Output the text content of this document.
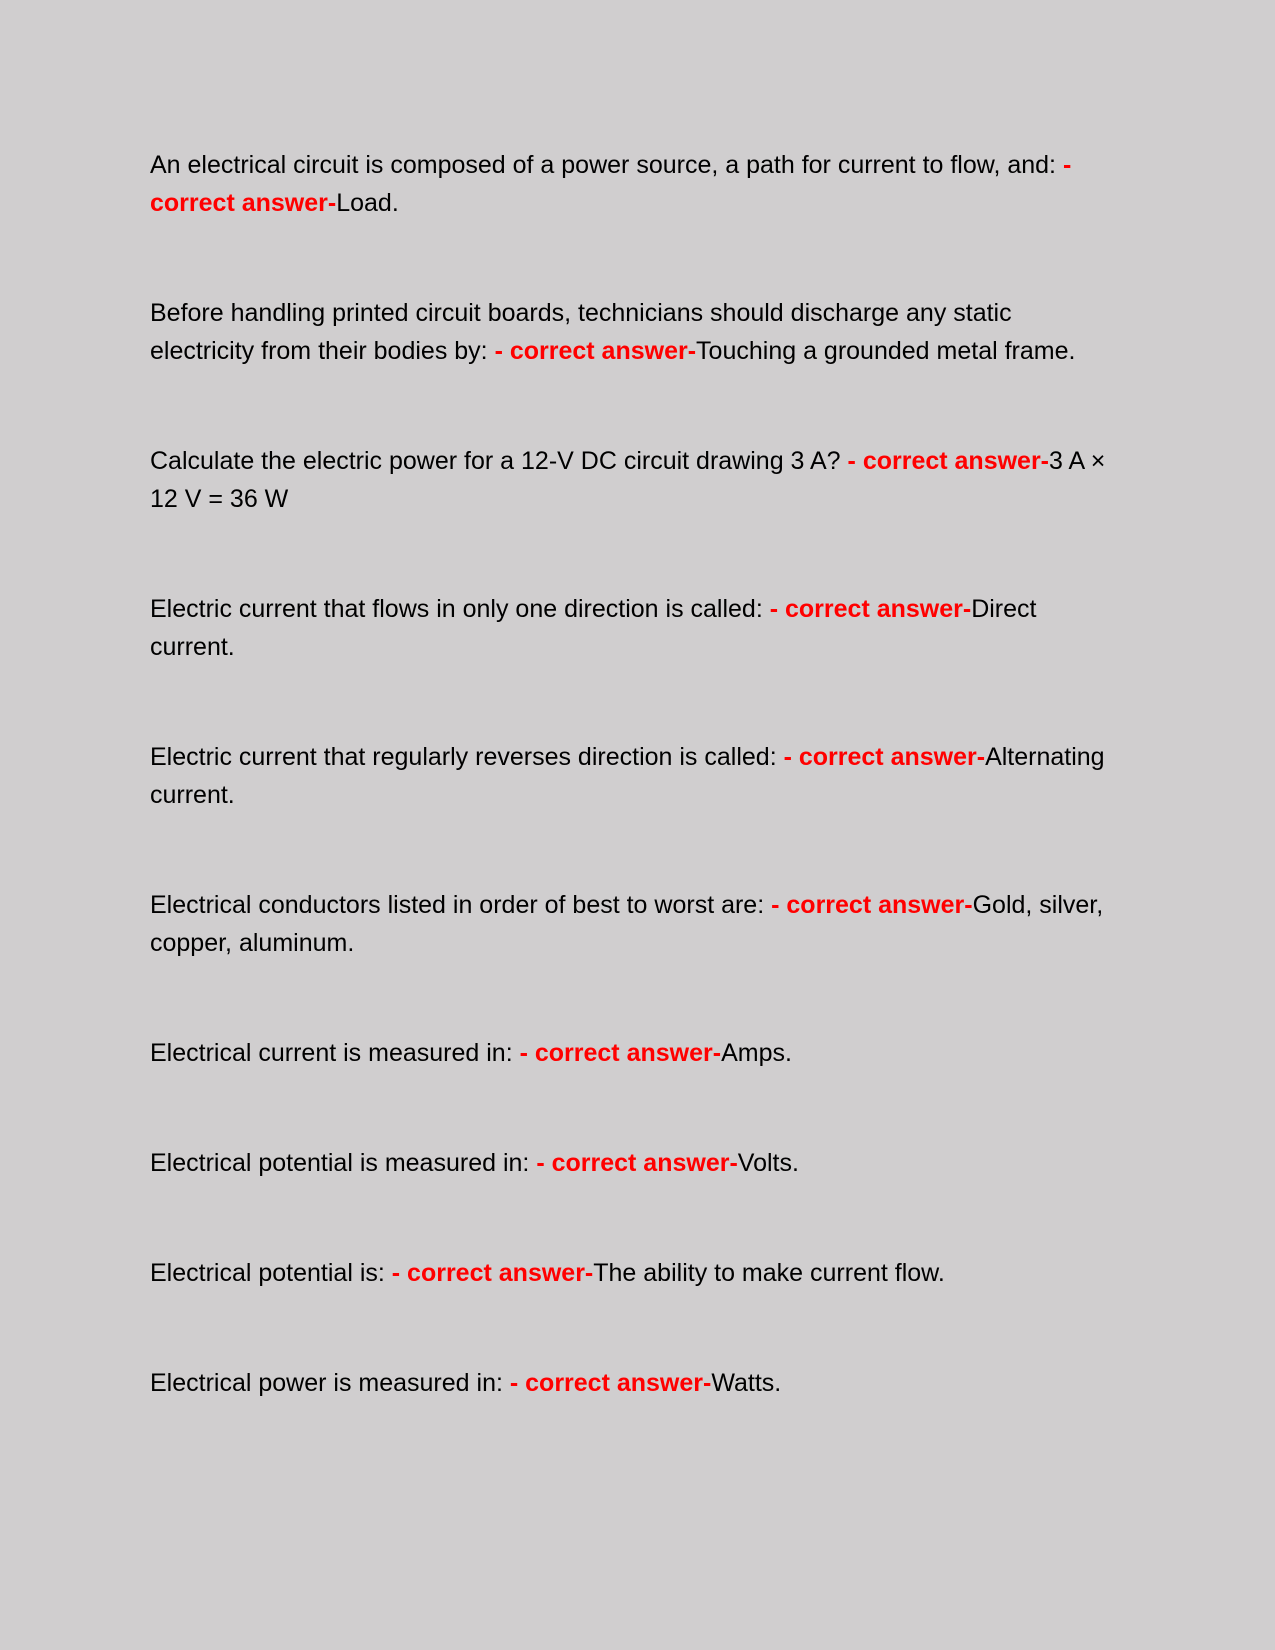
An electrical circuit is composed of a power source, a path for current to flow, and: - correct answer-Load.

Before handling printed circuit boards, technicians should discharge any static electricity from their bodies by: - correct answer-Touching a grounded metal frame.

Calculate the electric power for a 12-V DC circuit drawing 3 A? - correct answer-3 A × 12 V = 36 W

Electric current that flows in only one direction is called: - correct answer-Direct current.

Electric current that regularly reverses direction is called: - correct answer-Alternating current.

Electrical conductors listed in order of best to worst are: - correct answer-Gold, silver, copper, aluminum.

Electrical current is measured in: - correct answer-Amps.

Electrical potential is measured in: - correct answer-Volts.

Electrical potential is: - correct answer-The ability to make current flow.

Electrical power is measured in: - correct answer-Watts.
